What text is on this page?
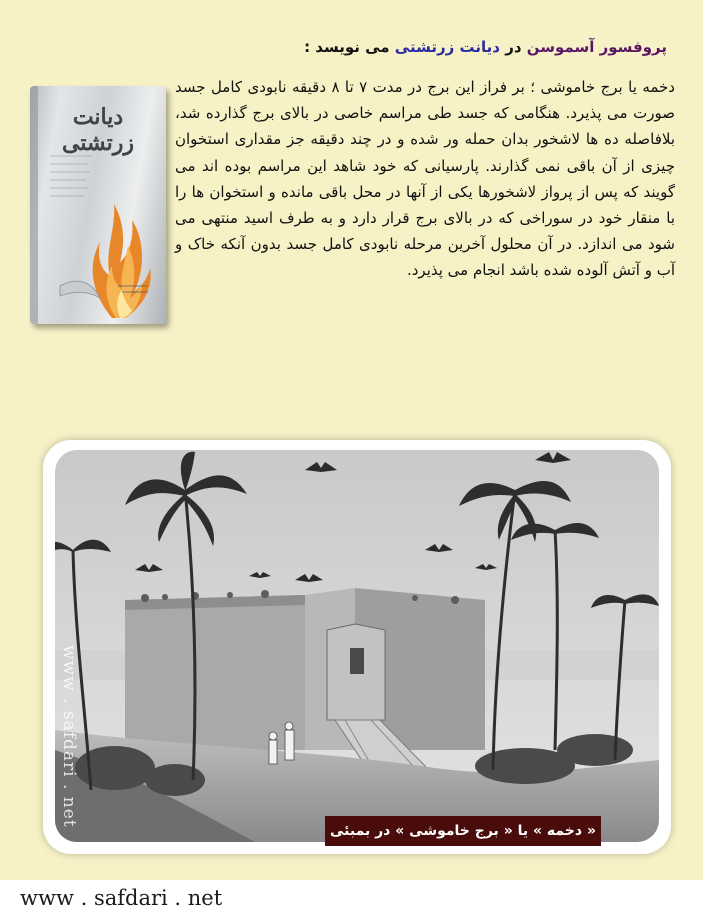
پروفسور آسموسن در دیانت زرتشتی می نویسد :
دیانت زرتشتی
دخمه یا برج خاموشی ؛ بر فراز این برج در مدت ۷ تا ۸ دقیقه نابودی کامل جسد صورت می پذیرد. هنگامی که جسد طی مراسم خاصی در بالای برج گذارده شد، بلافاصله ده ها لاشخور بدان حمله ور شده و در چند دقیقه جز مقداری استخوان چیزی از آن باقی نمی گذارند. پارسیانی که خود شاهد این مراسم بوده اند می گویند که پس از پرواز لاشخورها یکی از آنها در محل باقی مانده و استخوان ها را با منقار خود در سوراخی که در بالای برج قرار دارد و به طرف اسید منتهی می شود می اندازد. در آن محلول آخرین مرحله نابودی کامل جسد بدون آنکه خاک و آب و آتش آلوده شده باشد انجام می پذیرد.
www . safdari . net
« دخمه » یا « برج خاموشی » در بمبئی
www . safdari . net
